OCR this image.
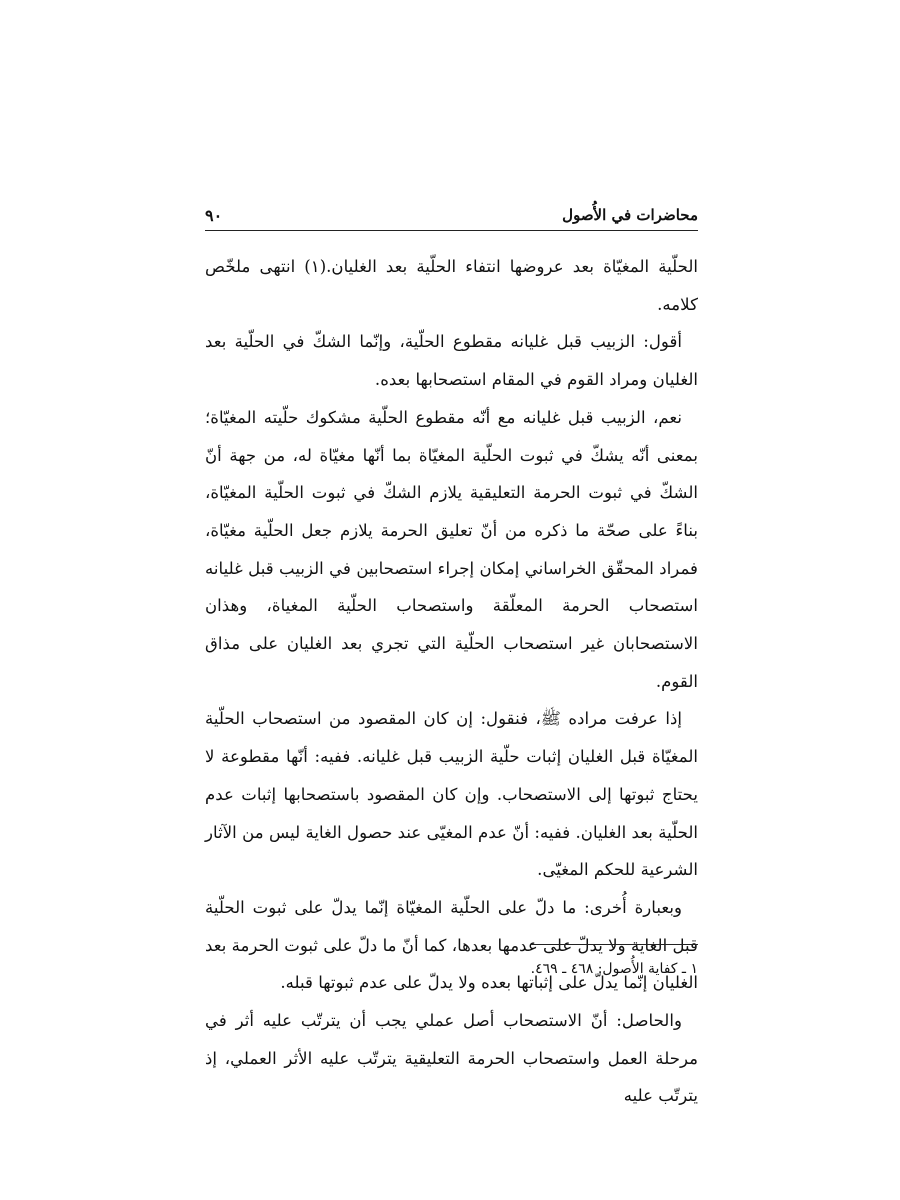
٩٠	محاضرات في الأُصول

الحلّية المغيّاة بعد عروضها انتفاء الحلّية بعد الغليان.(١) انتهى ملخّص كلامه.

أقول: الزبيب قبل غليانه مقطوع الحلّية، وإنّما الشكّ في الحلّية بعد الغليان ومراد القوم في المقام استصحابها بعده.

نعم، الزبيب قبل غليانه مع أنّه مقطوع الحلّية مشكوك حلّيته المغيّاة؛ بمعنى أنّه يشكّ في ثبوت الحلّية المغيّاة بما أنّها مغيّاة له، من جهة أنّ الشكّ في ثبوت الحرمة التعليقية يلازم الشكّ في ثبوت الحلّية المغيّاة، بناءً على صحّة ما ذكره من أنّ تعليق الحرمة يلازم جعل الحلّية مغيّاة، فمراد المحقّق الخراساني إمكان إجراء استصحابين في الزبيب قبل غليانه استصحاب الحرمة المعلّقة واستصحاب الحلّية المغياة، وهذان الاستصحابان غير استصحاب الحلّية التي تجري بعد الغليان على مذاق القوم.

إذا عرفت مراده ﷺ، فنقول: إن كان المقصود من استصحاب الحلّية المغيّاة قبل الغليان إثبات حلّية الزبيب قبل غليانه. ففيه: أنّها مقطوعة لا يحتاج ثبوتها إلى الاستصحاب. وإن كان المقصود باستصحابها إثبات عدم الحلّية بعد الغليان. ففيه: أنّ عدم المغيّى عند حصول الغاية ليس من الآثار الشرعية للحكم المغيّى.

وبعبارة أُخرى: ما دلّ على الحلّية المغيّاة إنّما يدلّ على ثبوت الحلّية قبل الغاية ولا يدلّ على عدمها بعدها، كما أنّ ما دلّ على ثبوت الحرمة بعد الغليان إنّما يدلّ على إثباتها بعده ولا يدلّ على عدم ثبوتها قبله.

والحاصل: أنّ الاستصحاب أصل عملي يجب أن يترتّب عليه أثر في مرحلة العمل واستصحاب الحرمة التعليقية يترتّب عليه الأثر العملي، إذ يترتّب عليه

١ ـ كفاية الأُصول: ٤٦٨ ـ ٤٦٩.
